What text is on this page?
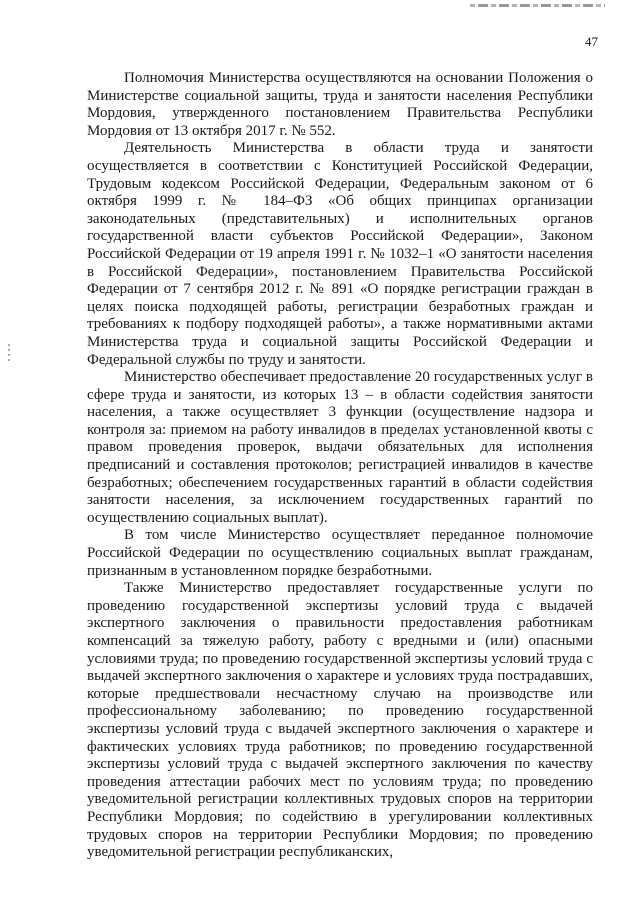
47

Полномочия Министерства осуществляются на основании Положения о Министерстве социальной защиты, труда и занятости населения Республики Мордовия, утвержденного постановлением Правительства Республики Мордовия от 13 октября 2017 г. № 552.

Деятельность Министерства в области труда и занятости осуществляется в соответствии с Конституцией Российской Федерации, Трудовым кодексом Российской Федерации, Федеральным законом от 6 октября 1999 г. № 184–ФЗ «Об общих принципах организации законодательных (представительных) и исполнительных органов государственной власти субъектов Российской Федерации», Законом Российской Федерации от 19 апреля 1991 г. № 1032–1 «О занятости населения в Российской Федерации», постановлением Правительства Российской Федерации от 7 сентября 2012 г. № 891 «О порядке регистрации граждан в целях поиска подходящей работы, регистрации безработных граждан и требованиях к подбору подходящей работы», а также нормативными актами Министерства труда и социальной защиты Российской Федерации и Федеральной службы по труду и занятости.

Министерство обеспечивает предоставление 20 государственных услуг в сфере труда и занятости, из которых 13 – в области содействия занятости населения, а также осуществляет 3 функции (осуществление надзора и контроля за: приемом на работу инвалидов в пределах установленной квоты с правом проведения проверок, выдачи обязательных для исполнения предписаний и составления протоколов; регистрацией инвалидов в качестве безработных; обеспечением государственных гарантий в области содействия занятости населения, за исключением государственных гарантий по осуществлению социальных выплат).

В том числе Министерство осуществляет переданное полномочие Российской Федерации по осуществлению социальных выплат гражданам, признанным в установленном порядке безработными.

Также Министерство предоставляет государственные услуги по проведению государственной экспертизы условий труда с выдачей экспертного заключения о правильности предоставления работникам компенсаций за тяжелую работу, работу с вредными и (или) опасными условиями труда; по проведению государственной экспертизы условий труда с выдачей экспертного заключения о характере и условиях труда пострадавших, которые предшествовали несчастному случаю на производстве или профессиональному заболеванию; по проведению государственной экспертизы условий труда с выдачей экспертного заключения о характере и фактических условиях труда работников; по проведению государственной экспертизы условий труда с выдачей экспертного заключения по качеству проведения аттестации рабочих мест по условиям труда; по проведению уведомительной регистрации коллективных трудовых споров на территории Республики Мордовия; по содействию в урегулировании коллективных трудовых споров на территории Республики Мордовия; по проведению уведомительной регистрации республиканских,
